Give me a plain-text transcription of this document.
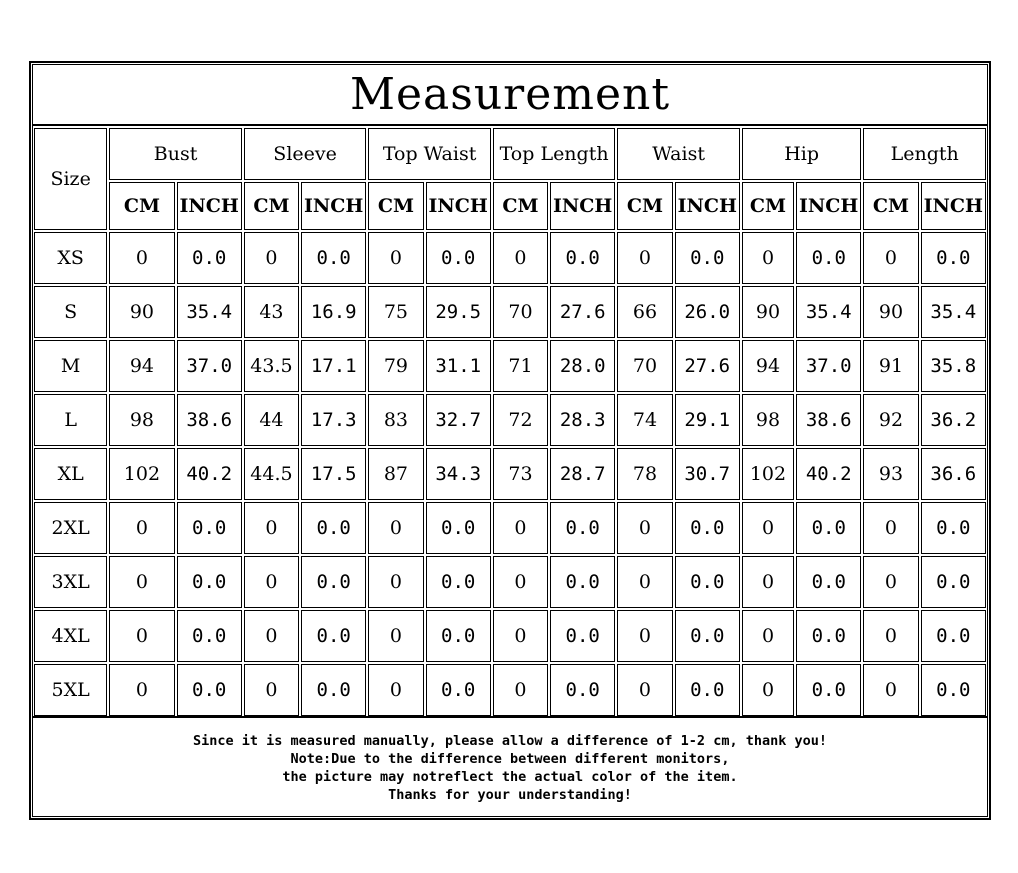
Measurement
Size	Bust		Sleeve		Top Waist		Top Length		Waist		Hip		Length	
	CM	INCH	CM	INCH	CM	INCH	CM	INCH	CM	INCH	CM	INCH	CM	INCH
XS	0	0.0	0	0.0	0	0.0	0	0.0	0	0.0	0	0.0	0	0.0
S	90	35.4	43	16.9	75	29.5	70	27.6	66	26.0	90	35.4	90	35.4
M	94	37.0	43.5	17.1	79	31.1	71	28.0	70	27.6	94	37.0	91	35.8
L	98	38.6	44	17.3	83	32.7	72	28.3	74	29.1	98	38.6	92	36.2
XL	102	40.2	44.5	17.5	87	34.3	73	28.7	78	30.7	102	40.2	93	36.6
2XL	0	0.0	0	0.0	0	0.0	0	0.0	0	0.0	0	0.0	0	0.0
3XL	0	0.0	0	0.0	0	0.0	0	0.0	0	0.0	0	0.0	0	0.0
4XL	0	0.0	0	0.0	0	0.0	0	0.0	0	0.0	0	0.0	0	0.0
5XL	0	0.0	0	0.0	0	0.0	0	0.0	0	0.0	0	0.0	0	0.0
Since it is measured manually, please allow a difference of 1-2 cm, thank you!
Note:Due to the difference between different monitors,
the picture may notreflect the actual color of the item.
Thanks for your understanding!
